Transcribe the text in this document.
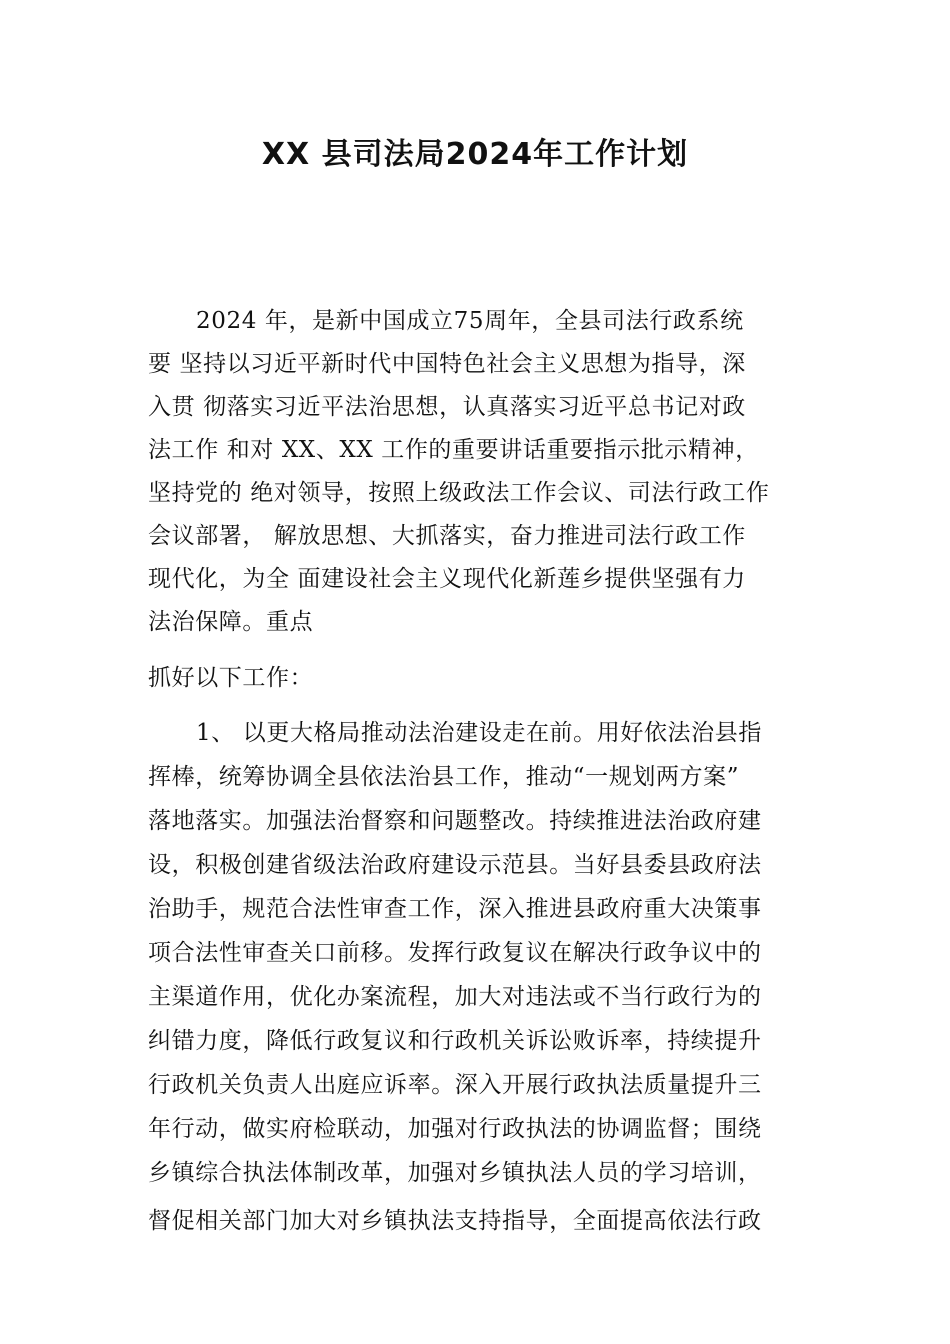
XX 县司法局2024年工作计划

2024 年，是新中国成立75周年，全县司法行政系统

要 坚持以习近平新时代中国特色社会主义思想为指导，深

入贯 彻落实习近平法治思想，认真落实习近平总书记对政

法工作 和对 XX、XX 工作的重要讲话重要指示批示精神，

坚持党的 绝对领导，按照上级政法工作会议、司法行政工作

会议部署， 解放思想、大抓落实，奋力推进司法行政工作

现代化，为全 面建设社会主义现代化新莲乡提供坚强有力

法治保障。重点

抓好以下工作：

1、 以更大格局推动法治建设走在前。用好依法治县指

挥棒，统筹协调全县依法治县工作，推动“一规划两方案”

落地落实。加强法治督察和问题整改。持续推进法治政府建

设，积极创建省级法治政府建设示范县。当好县委县政府法

治助手，规范合法性审查工作，深入推进县政府重大决策事

项合法性审查关口前移。发挥行政复议在解决行政争议中的

主渠道作用，优化办案流程，加大对违法或不当行政行为的

纠错力度，降低行政复议和行政机关诉讼败诉率，持续提升

行政机关负责人出庭应诉率。深入开展行政执法质量提升三

年行动，做实府检联动，加强对行政执法的协调监督；围绕

乡镇综合执法体制改革，加强对乡镇执法人员的学习培训，

督促相关部门加大对乡镇执法支持指导，全面提高依法行政
